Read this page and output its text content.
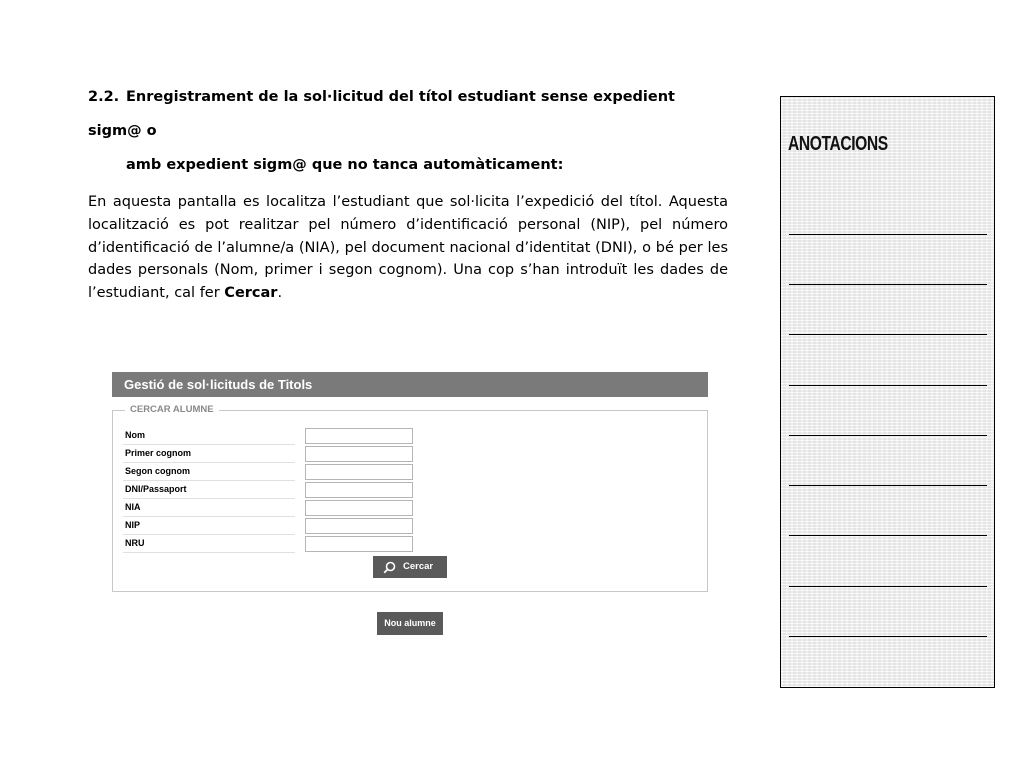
2.2. Enregistrament de la sol·licitud del títol estudiant sense expedient sigm@ o
amb expedient sigm@ que no tanca automàticament:
En aquesta pantalla es localitza l’estudiant que sol·licita l’expedició del títol. Aquesta localització es pot realitzar pel número d’identificació personal (NIP), pel número d’identificació de l’alumne/a (NIA), pel document nacional d’identitat (DNI), o bé per les dades personals (Nom, primer i segon cognom). Una cop s’han introduït les dades de l’estudiant, cal fer Cercar.
Gestió de sol·licituds de Titols
CERCAR ALUMNE
Nom
Primer cognom
Segon cognom
DNI/Passaport
NIA
NIP
NRU
Cercar
Nou alumne
ANOTACIONS
